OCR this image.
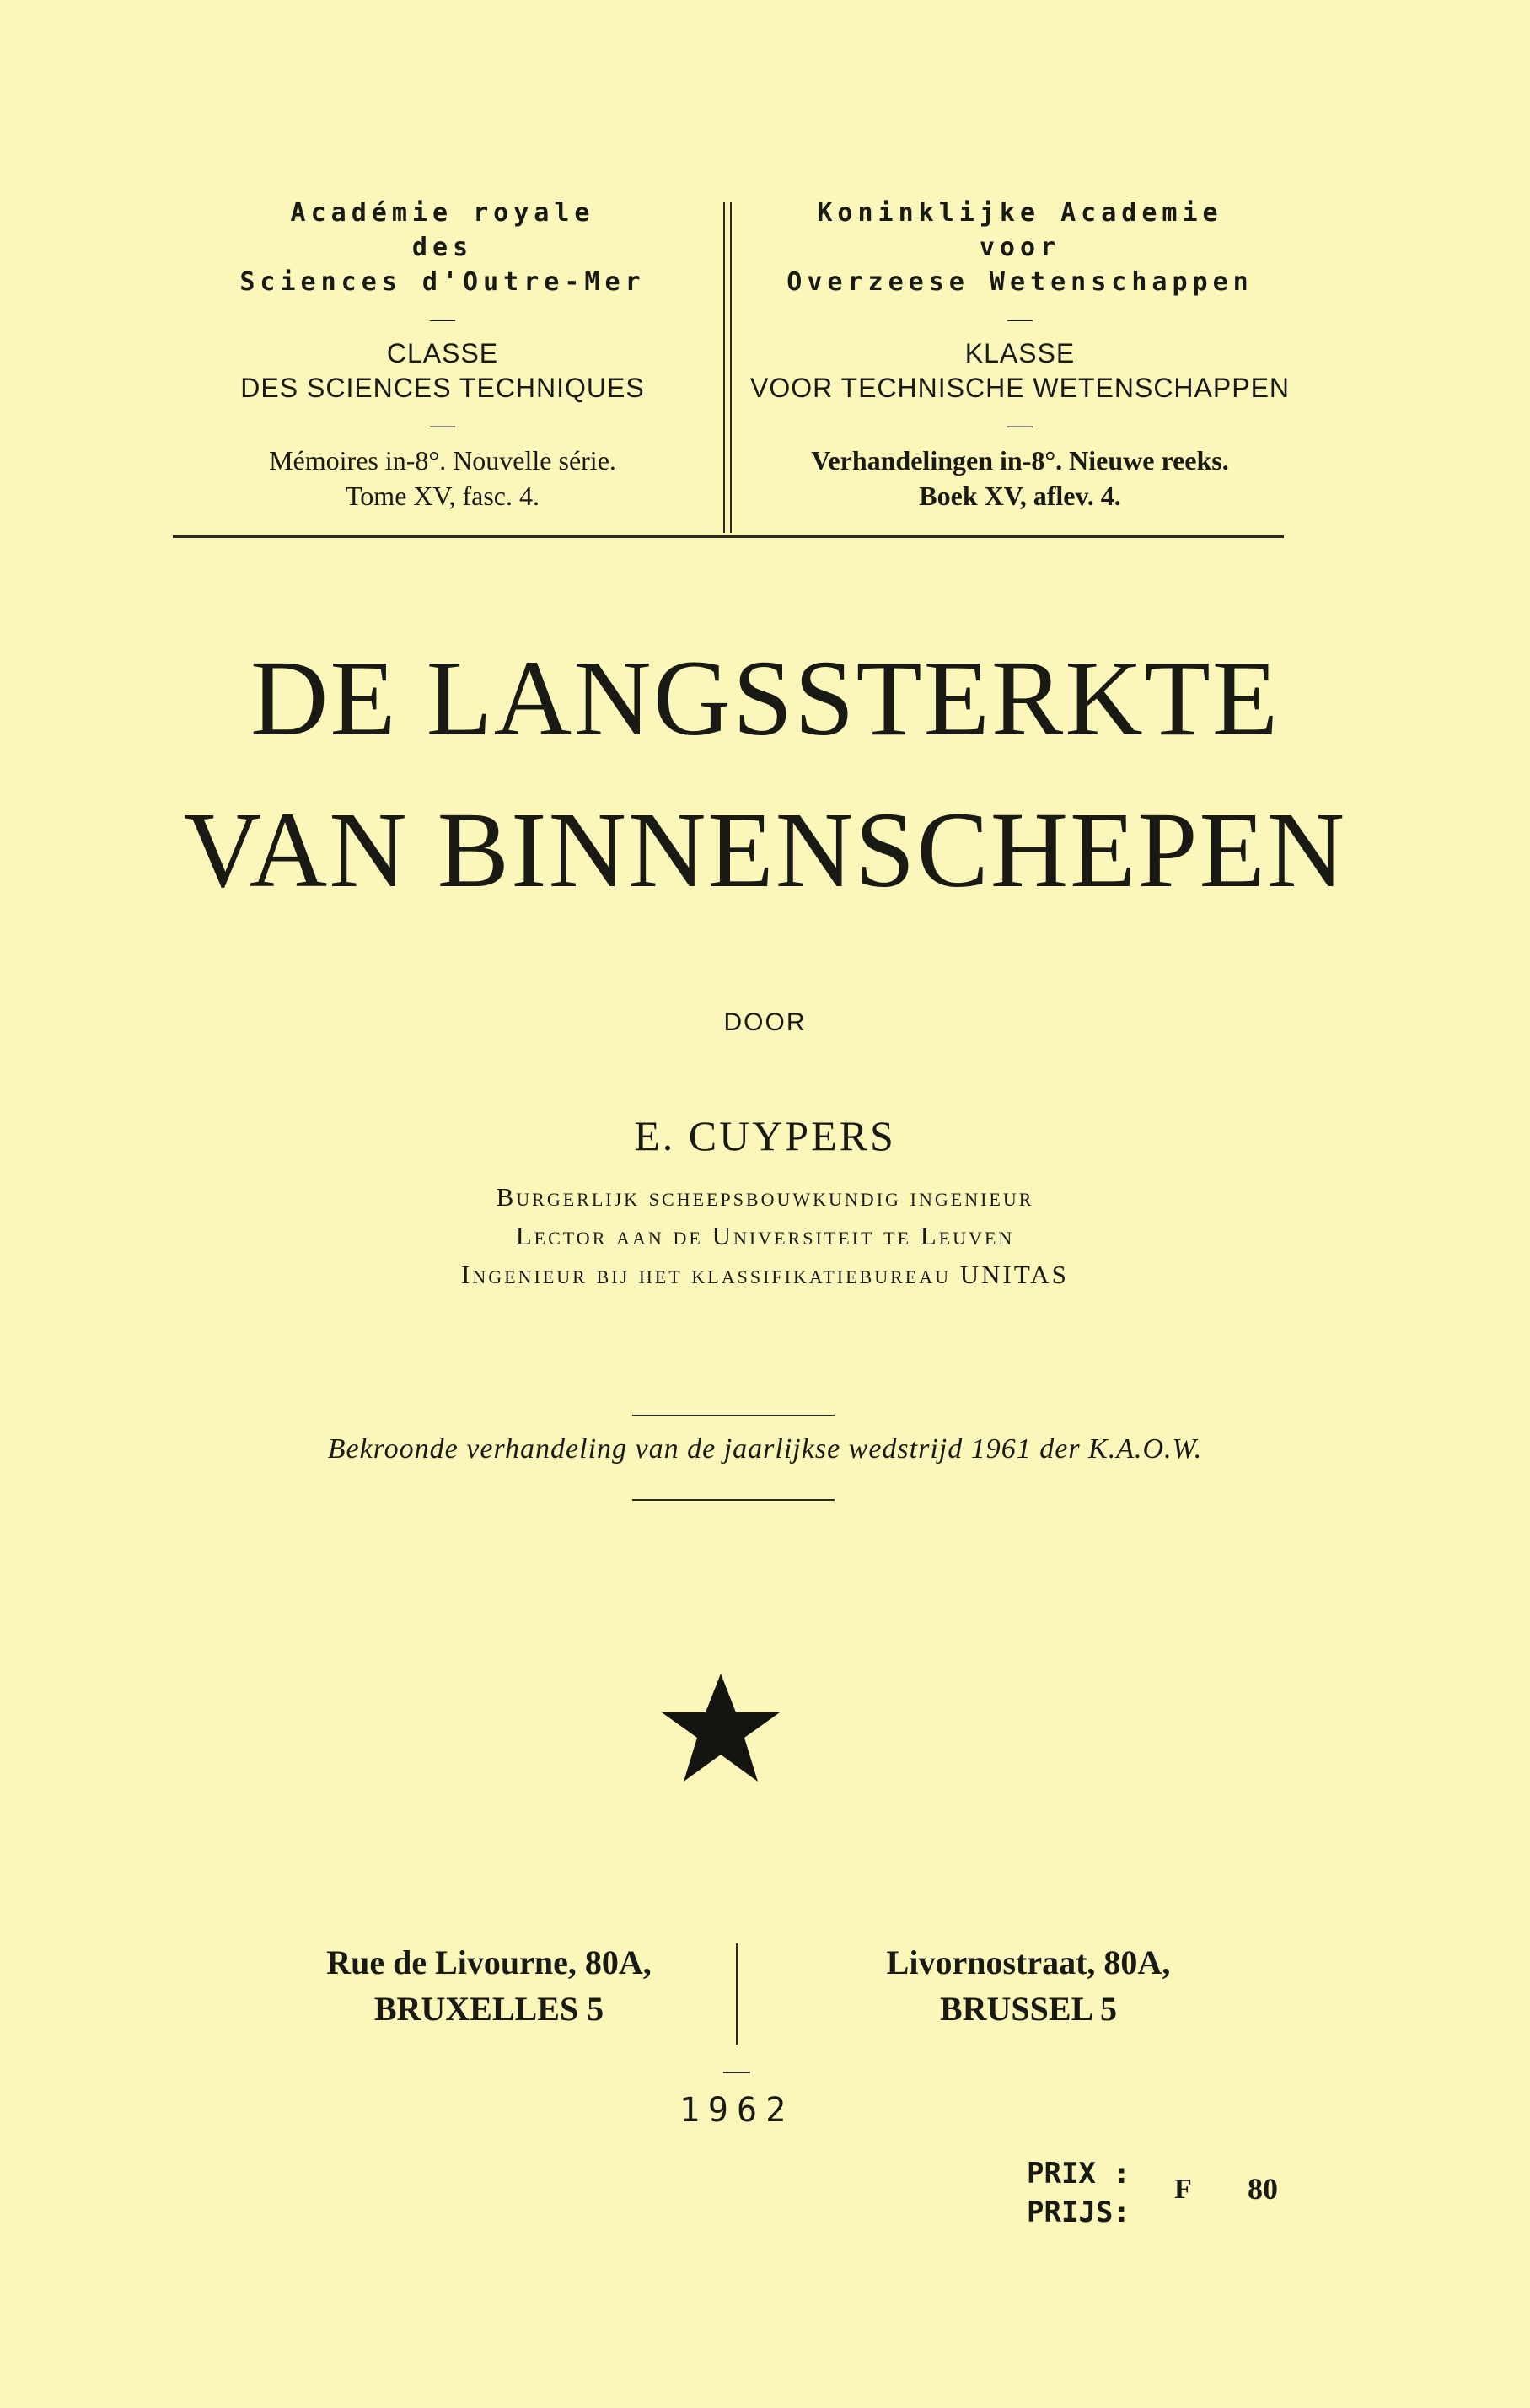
Académie royale
des
Sciences d'Outre-Mer
—
CLASSE
DES SCIENCES TECHNIQUES
—
Mémoires in-8°. Nouvelle série.
Tome XV, fasc. 4.
Koninklijke Academie
voor
Overzeese Wetenschappen
—
KLASSE
VOOR TECHNISCHE WETENSCHAPPEN
—
Verhandelingen in-8°. Nieuwe reeks.
Boek XV, aflev. 4.
DE LANGSSTERKTE
VAN BINNENSCHEPEN
DOOR
E. CUYPERS
Burgerlijk scheepsbouwkundig ingenieur
Lector aan de Universiteit te Leuven
Ingenieur bij het klassifikatiebureau UNITAS
Bekroonde verhandeling van de jaarlijkse wedstrijd 1961 der K.A.O.W.
Rue de Livourne, 80A,
BRUXELLES 5
Livornostraat, 80A,
BRUSSEL 5
1962
PRIX :
PRIJS:
F 80
